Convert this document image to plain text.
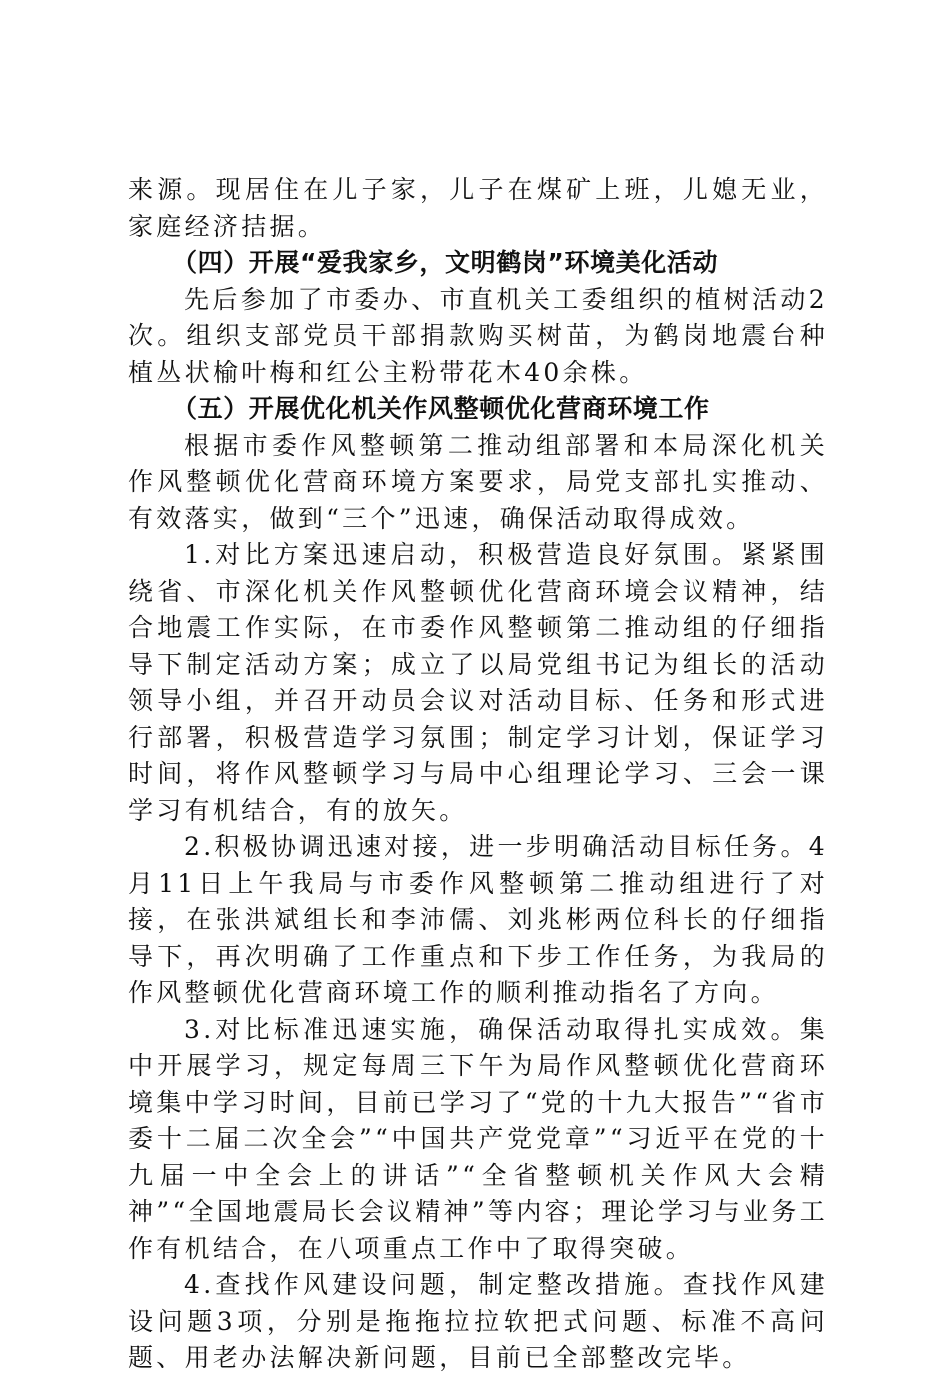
来源。现居住在儿子家，儿子在煤矿上班，儿媳无业，家庭经济拮据。

（四）开展“爱我家乡，文明鹤岗”环境美化活动

先后参加了市委办、市直机关工委组织的植树活动2次。组织支部党员干部捐款购买树苗，为鹤岗地震台种植丛状榆叶梅和红公主粉带花木40余株。

（五）开展优化机关作风整顿优化营商环境工作

根据市委作风整顿第二推动组部署和本局深化机关作风整顿优化营商环境方案要求，局党支部扎实推动、有效落实，做到“三个”迅速，确保活动取得成效。

1.对比方案迅速启动，积极营造良好氛围。紧紧围绕省、市深化机关作风整顿优化营商环境会议精神，结合地震工作实际，在市委作风整顿第二推动组的仔细指导下制定活动方案；成立了以局党组书记为组长的活动领导小组，并召开动员会议对活动目标、任务和形式进行部署，积极营造学习氛围；制定学习计划，保证学习时间，将作风整顿学习与局中心组理论学习、三会一课学习有机结合，有的放矢。

2.积极协调迅速对接，进一步明确活动目标任务。4月11日上午我局与市委作风整顿第二推动组进行了对接，在张洪斌组长和李沛儒、刘兆彬两位科长的仔细指导下，再次明确了工作重点和下步工作任务，为我局的作风整顿优化营商环境工作的顺利推动指名了方向。

3.对比标准迅速实施，确保活动取得扎实成效。集中开展学习，规定每周三下午为局作风整顿优化营商环境集中学习时间，目前已学习了“党的十九大报告”“省市委十二届二次全会”“中国共产党党章”“习近平在党的十九届一中全会上的讲话”“全省整顿机关作风大会精神”“全国地震局长会议精神”等内容；理论学习与业务工作有机结合，在八项重点工作中了取得突破。

4.查找作风建设问题，制定整改措施。查找作风建设问题3项，分别是拖拖拉拉软把式问题、标准不高问题、用老办法解决新问题，目前已全部整改完毕。
